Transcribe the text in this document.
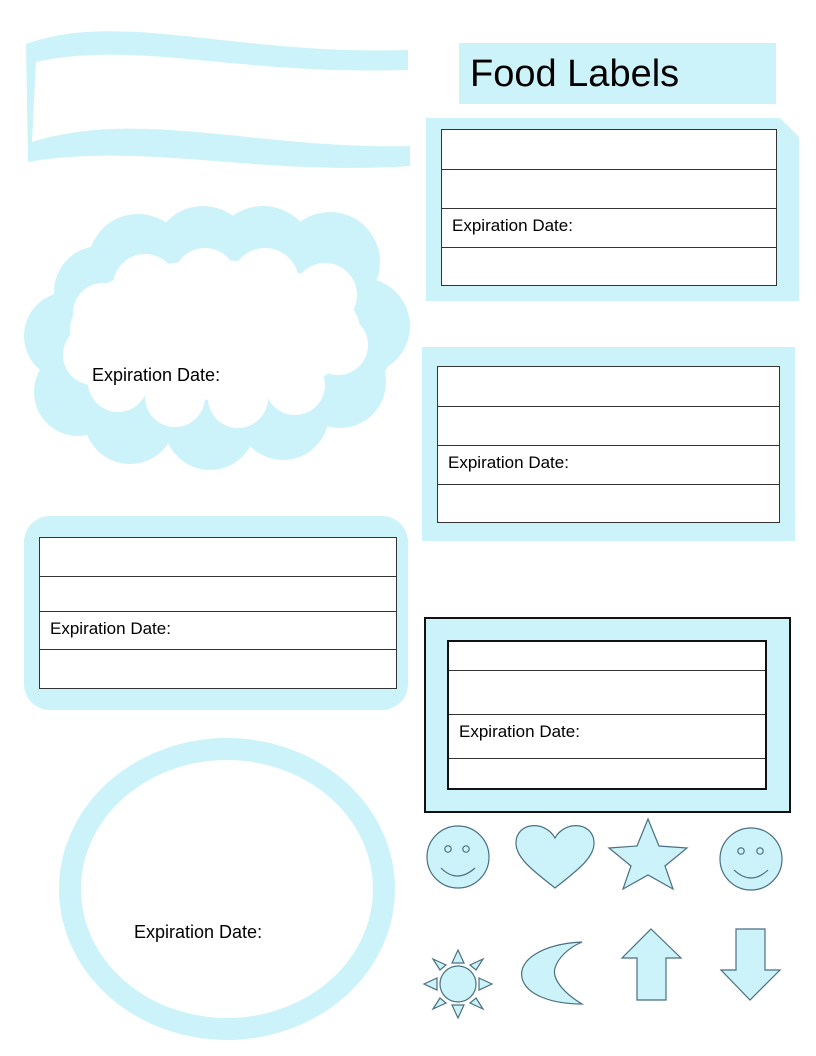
Food Labels
Expiration Date:
Expiration Date:
Expiration Date:
Expiration Date:
Expiration Date:
Expiration Date:
